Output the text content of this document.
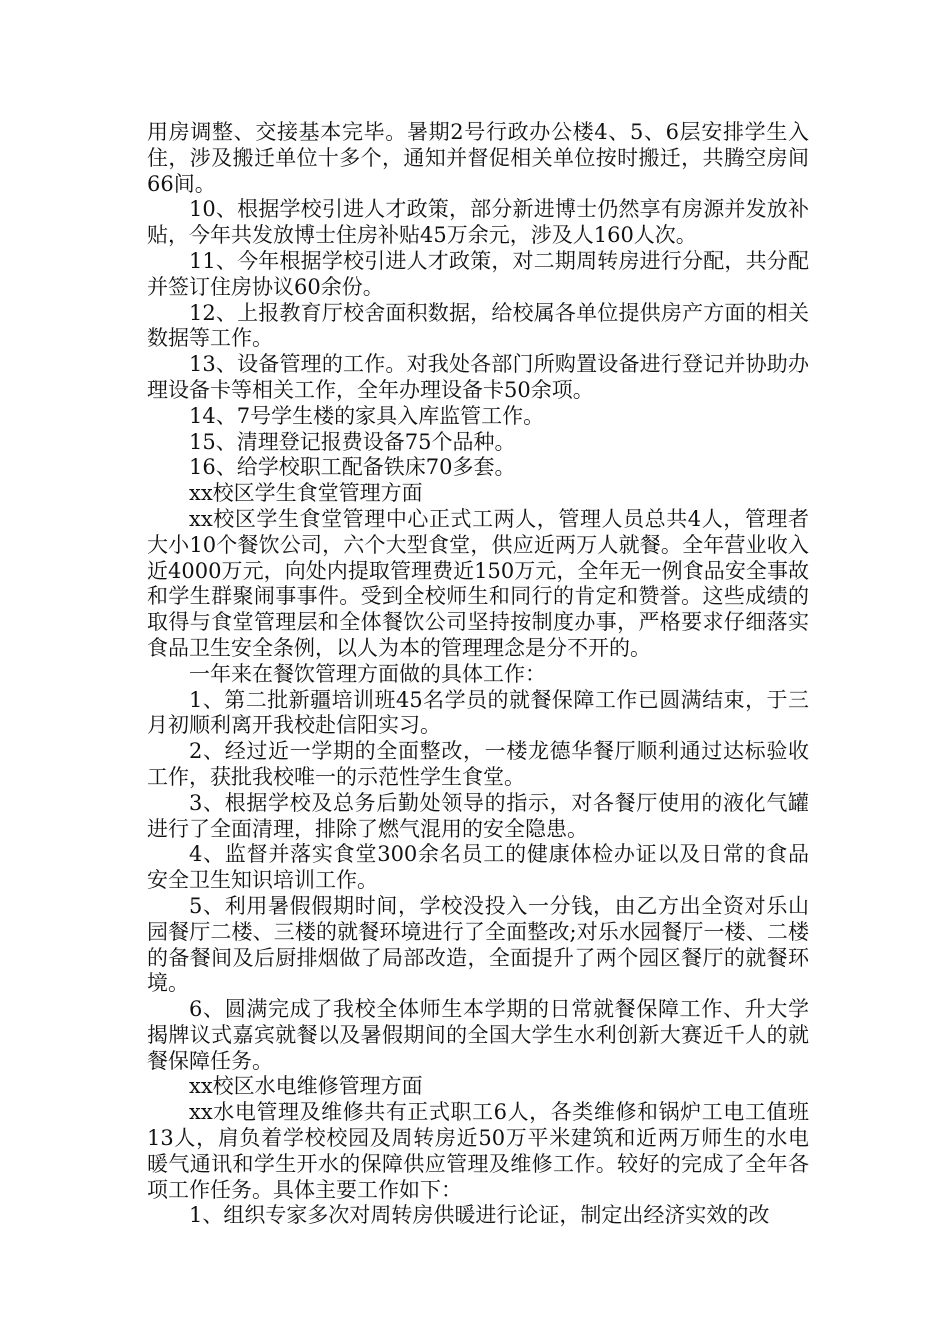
用房调整、交接基本完毕。暑期2号行政办公楼4、5、6层安排学生入住，涉及搬迁单位十多个，通知并督促相关单位按时搬迁，共腾空房间66间。

10、根据学校引进人才政策，部分新进博士仍然享有房源并发放补贴，今年共发放博士住房补贴45万余元，涉及人160人次。

11、今年根据学校引进人才政策，对二期周转房进行分配，共分配并签订住房协议60余份。

12、上报教育厅校舍面积数据，给校属各单位提供房产方面的相关数据等工作。

13、设备管理的工作。对我处各部门所购置设备进行登记并协助办理设备卡等相关工作，全年办理设备卡50余项。

14、7号学生楼的家具入库监管工作。

15、清理登记报费设备75个品种。

16、给学校职工配备铁床70多套。

xx校区学生食堂管理方面

xx校区学生食堂管理中心正式工两人，管理人员总共4人，管理者大小10个餐饮公司，六个大型食堂，供应近两万人就餐。全年营业收入近4000万元，向处内提取管理费近150万元，全年无一例食品安全事故和学生群聚闹事事件。受到全校师生和同行的肯定和赞誉。这些成绩的取得与食堂管理层和全体餐饮公司坚持按制度办事，严格要求仔细落实食品卫生安全条例，以人为本的管理理念是分不开的。

一年来在餐饮管理方面做的具体工作：

1、第二批新疆培训班45名学员的就餐保障工作已圆满结束，于三月初顺利离开我校赴信阳实习。

2、经过近一学期的全面整改，一楼龙德华餐厅顺利通过达标验收工作，获批我校唯一的示范性学生食堂。

3、根据学校及总务后勤处领导的指示，对各餐厅使用的液化气罐进行了全面清理，排除了燃气混用的安全隐患。

4、监督并落实食堂300余名员工的健康体检办证以及日常的食品安全卫生知识培训工作。

5、利用暑假假期时间，学校没投入一分钱，由乙方出全资对乐山园餐厅二楼、三楼的就餐环境进行了全面整改;对乐水园餐厅一楼、二楼的备餐间及后厨排烟做了局部改造，全面提升了两个园区餐厅的就餐环境。

6、圆满完成了我校全体师生本学期的日常就餐保障工作、升大学揭牌议式嘉宾就餐以及暑假期间的全国大学生水利创新大赛近千人的就餐保障任务。

xx校区水电维修管理方面

xx水电管理及维修共有正式职工6人，各类维修和锅炉工电工值班13人，肩负着学校校园及周转房近50万平米建筑和近两万师生的水电暖气通讯和学生开水的保障供应管理及维修工作。较好的完成了全年各项工作任务。具体主要工作如下：

1、组织专家多次对周转房供暖进行论证，制定出经济实效的改
